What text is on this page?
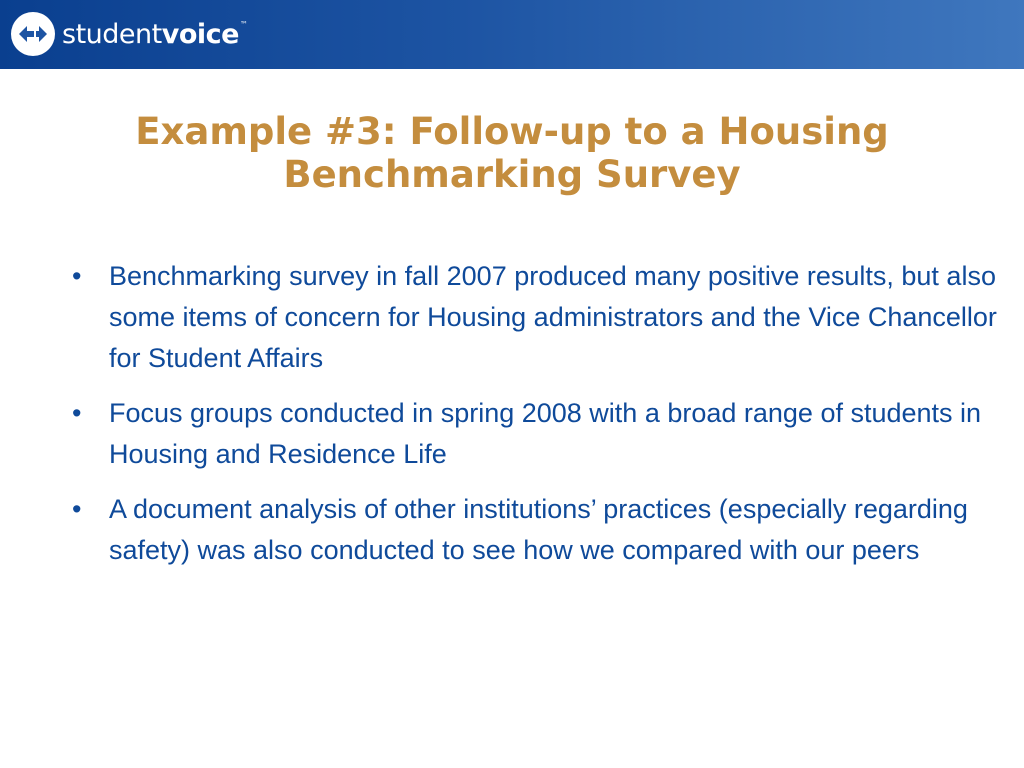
studentvoice™
Example #3: Follow-up to a Housing Benchmarking Survey
• Benchmarking survey in fall 2007 produced many positive results, but also some items of concern for Housing administrators and the Vice Chancellor for Student Affairs
• Focus groups conducted in spring 2008 with a broad range of students in Housing and Residence Life
• A document analysis of other institutions’ practices (especially regarding safety) was also conducted to see how we compared with our peers
